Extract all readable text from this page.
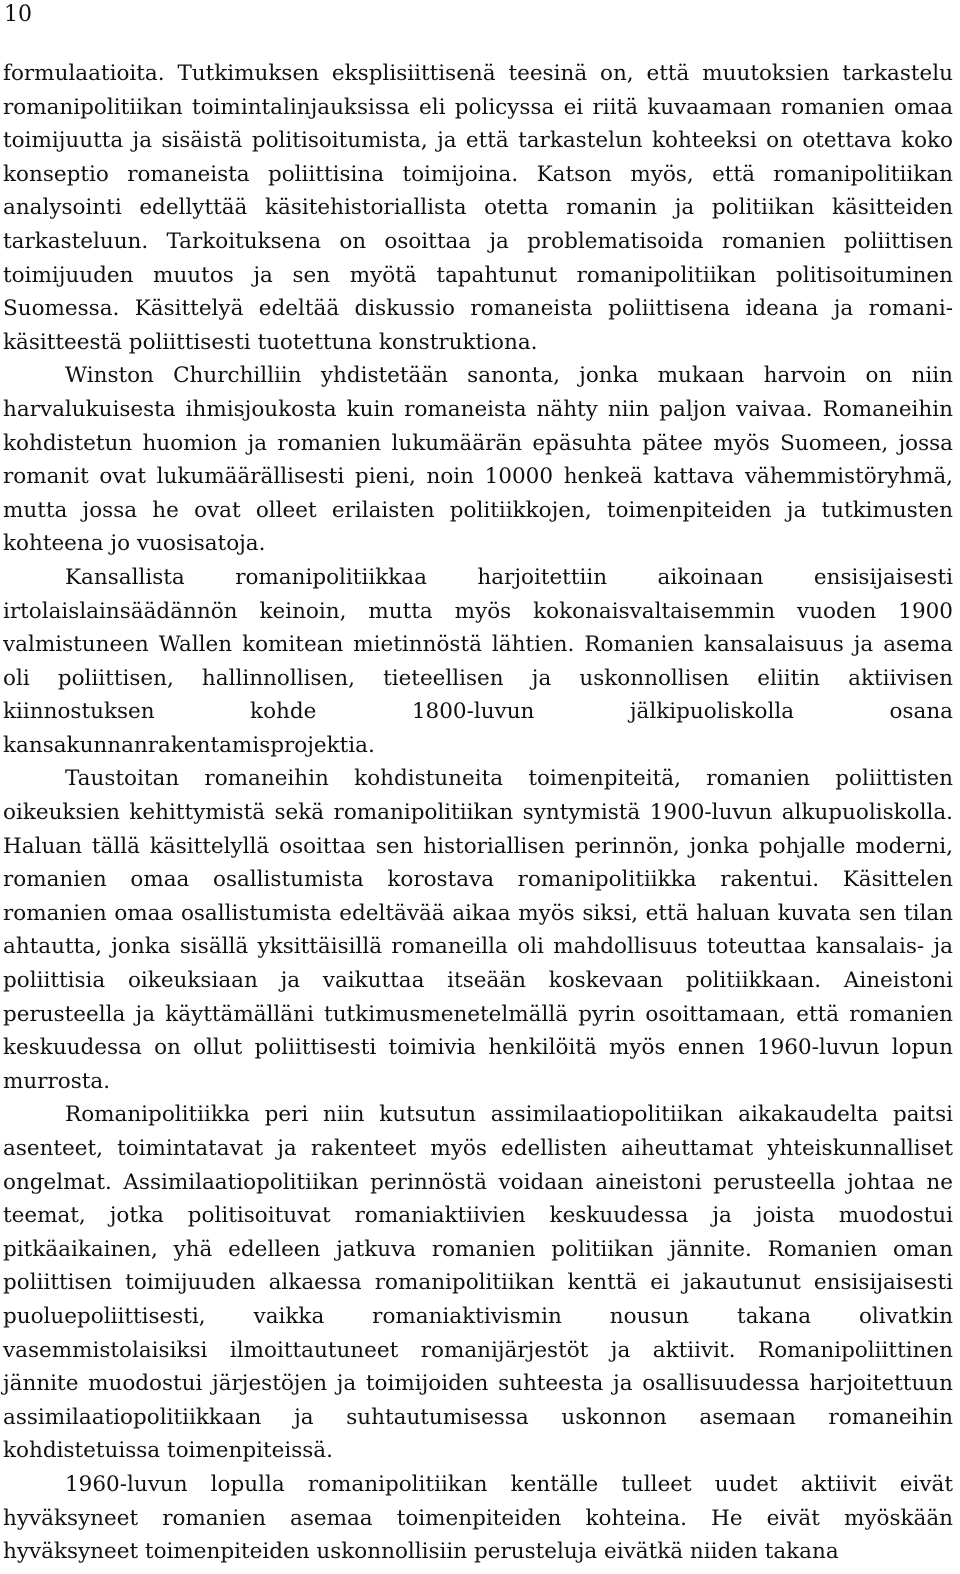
10

formulaatioita. Tutkimuksen eksplisiittisenä teesinä on, että muutoksien tarkastelu romanipolitiikan toimintalinjauksissa eli policyssa ei riitä kuvaamaan romanien omaa toimijuutta ja sisäistä politisoitumista, ja että tarkastelun kohteeksi on otettava koko konseptio romaneista poliittisina toimijoina. Katson myös, että romanipolitiikan analysointi edellyttää käsitehistoriallista otetta romanin ja politiikan käsitteiden tarkasteluun. Tarkoituksena on osoittaa ja problematisoida romanien poliittisen toimijuuden muutos ja sen myötä tapahtunut romanipolitiikan politisoituminen Suomessa. Käsittelyä edeltää diskussio romaneista poliittisena ideana ja romani-käsitteestä poliittisesti tuotettuna konstruktiona.

Winston Churchilliin yhdistetään sanonta, jonka mukaan harvoin on niin harvalukuisesta ihmisjoukosta kuin romaneista nähty niin paljon vaivaa. Romaneihin kohdistetun huomion ja romanien lukumäärän epäsuhta pätee myös Suomeen, jossa romanit ovat lukumäärällisesti pieni, noin 10000 henkeä kattava vähemmistöryhmä, mutta jossa he ovat olleet erilaisten politiikkojen, toimenpiteiden ja tutkimusten kohteena jo vuosisatoja.

Kansallista romanipolitiikkaa harjoitettiin aikoinaan ensisijaisesti irtolaislainsäädännön keinoin, mutta myös kokonaisvaltaisemmin vuoden 1900 valmistuneen Wallen komitean mietinnöstä lähtien. Romanien kansalaisuus ja asema oli poliittisen, hallinnollisen, tieteellisen ja uskonnollisen eliitin aktiivisen kiinnostuksen kohde 1800-luvun jälkipuoliskolla osana kansakunnanrakentamisprojektia.

Taustoitan romaneihin kohdistuneita toimenpiteitä, romanien poliittisten oikeuksien kehittymistä sekä romanipolitiikan syntymistä 1900-luvun alkupuoliskolla. Haluan tällä käsittelyllä osoittaa sen historiallisen perinnön, jonka pohjalle moderni, romanien omaa osallistumista korostava romanipolitiikka rakentui. Käsittelen romanien omaa osallistumista edeltävää aikaa myös siksi, että haluan kuvata sen tilan ahtautta, jonka sisällä yksittäisillä romaneilla oli mahdollisuus toteuttaa kansalais- ja poliittisia oikeuksiaan ja vaikuttaa itseään koskevaan politiikkaan. Aineistoni perusteella ja käyttämälläni tutkimusmenetelmällä pyrin osoittamaan, että romanien keskuudessa on ollut poliittisesti toimivia henkilöitä myös ennen 1960-luvun lopun murrosta.

Romanipolitiikka peri niin kutsutun assimilaatiopolitiikan aikakaudelta paitsi asenteet, toimintatavat ja rakenteet myös edellisten aiheuttamat yhteiskunnalliset ongelmat. Assimilaatiopolitiikan perinnöstä voidaan aineistoni perusteella johtaa ne teemat, jotka politisoituvat romaniaktiivien keskuudessa ja joista muodostui pitkäaikainen, yhä edelleen jatkuva romanien politiikan jännite. Romanien oman poliittisen toimijuuden alkaessa romanipolitiikan kenttä ei jakautunut ensisijaisesti puoluepoliittisesti, vaikka romaniaktivismin nousun takana olivatkin vasemmistolaisiksi ilmoittautuneet romanijärjestöt ja aktiivit. Romanipoliittinen jännite muodostui järjestöjen ja toimijoiden suhteesta ja osallisuudessa harjoitettuun assimilaatiopolitiikkaan ja suhtautumisessa uskonnon asemaan romaneihin kohdistetuissa toimenpiteissä.

1960-luvun lopulla romanipolitiikan kentälle tulleet uudet aktiivit eivät hyväksyneet romanien asemaa toimenpiteiden kohteina. He eivät myöskään hyväksyneet toimenpiteiden uskonnollisiin perusteluja eivätkä niiden takana
